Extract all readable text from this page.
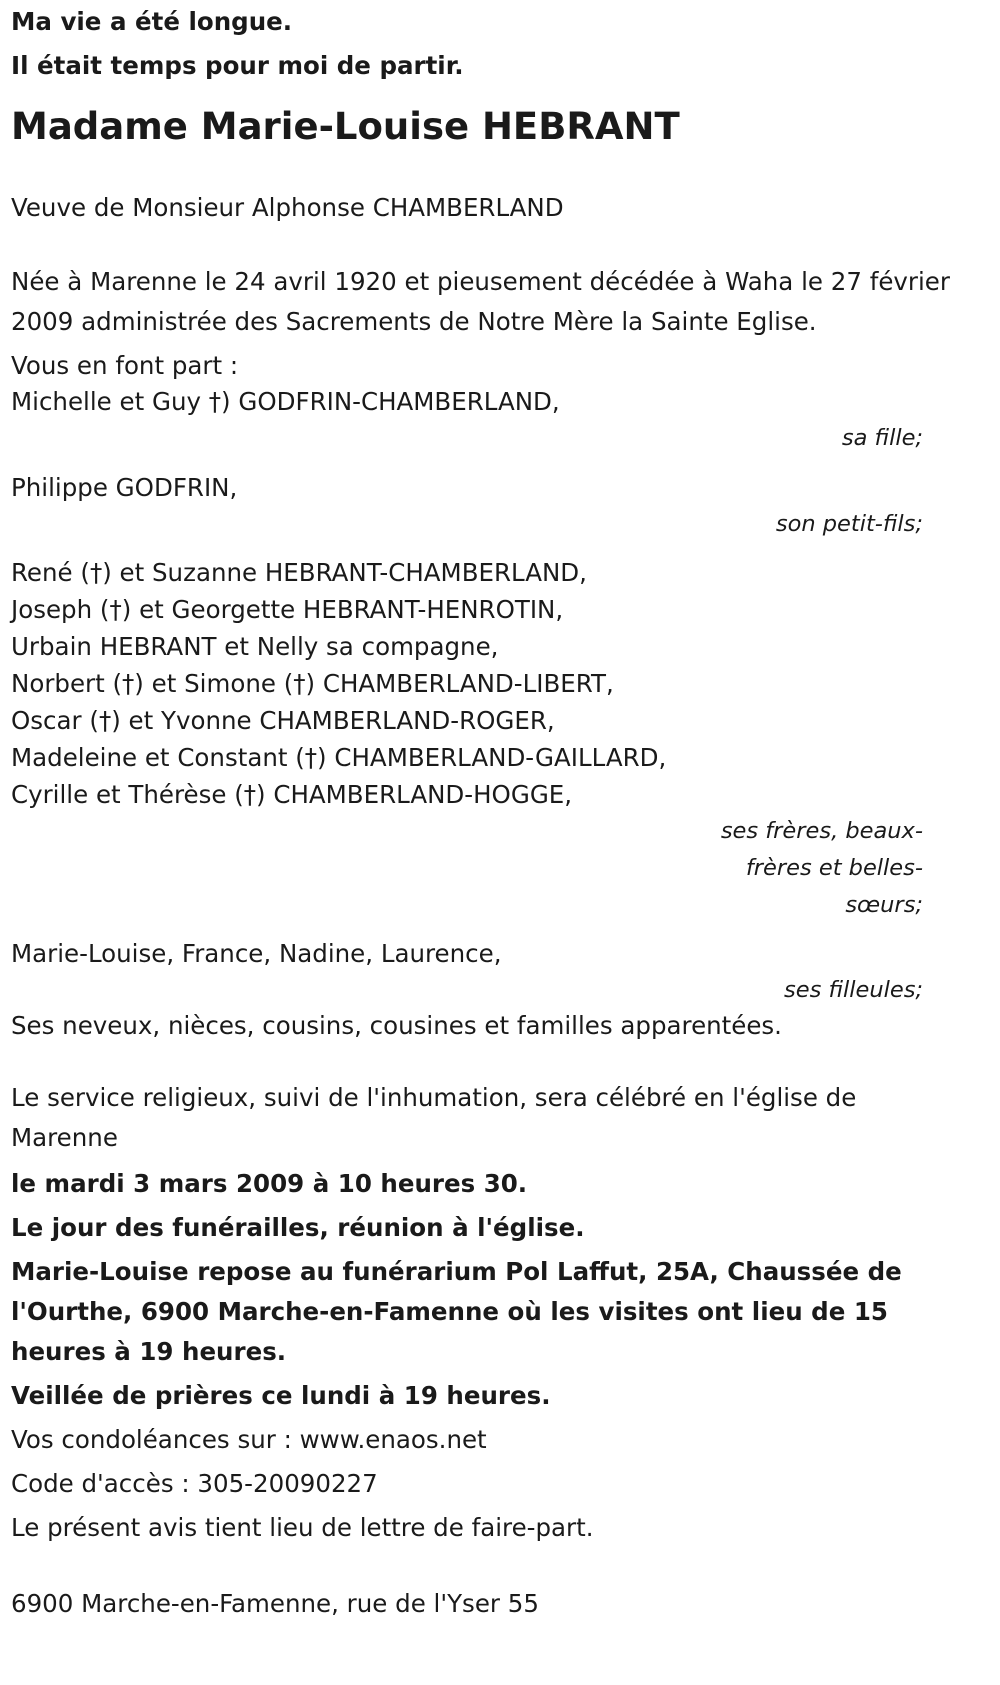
Ma vie a été longue.
Il était temps pour moi de partir.
Madame Marie-Louise HEBRANT
Veuve de Monsieur Alphonse CHAMBERLAND
Née à Marenne le 24 avril 1920 et pieusement décédée à Waha le 27 février 2009 administrée des Sacrements de Notre Mère la Sainte Eglise.
Vous en font part :
Michelle et Guy †) GODFRIN-CHAMBERLAND,
sa fille;
Philippe GODFRIN,
son petit-fils;
René (†) et Suzanne HEBRANT-CHAMBERLAND,
Joseph (†) et Georgette HEBRANT-HENROTIN,
Urbain HEBRANT et Nelly sa compagne,
Norbert (†) et Simone (†) CHAMBERLAND-LIBERT,
Oscar (†) et Yvonne CHAMBERLAND-ROGER,
Madeleine et Constant (†) CHAMBERLAND-GAILLARD,
Cyrille et Thérèse (†) CHAMBERLAND-HOGGE,
ses frères, beaux-frères et belles-sœurs;
Marie-Louise, France, Nadine, Laurence,
ses filleules;
Ses neveux, nièces, cousins, cousines et familles apparentées.
Le service religieux, suivi de l'inhumation, sera célébré en l'église de Marenne
le mardi 3 mars 2009 à 10 heures 30.
Le jour des funérailles, réunion à l'église.
Marie-Louise repose au funérarium Pol Laffut, 25A, Chaussée de l'Ourthe, 6900 Marche-en-Famenne où les visites ont lieu de 15 heures à 19 heures.
Veillée de prières ce lundi à 19 heures.
Vos condoléances sur : www.enaos.net
Code d'accès : 305-20090227
Le présent avis tient lieu de lettre de faire-part.
6900 Marche-en-Famenne, rue de l'Yser 55
